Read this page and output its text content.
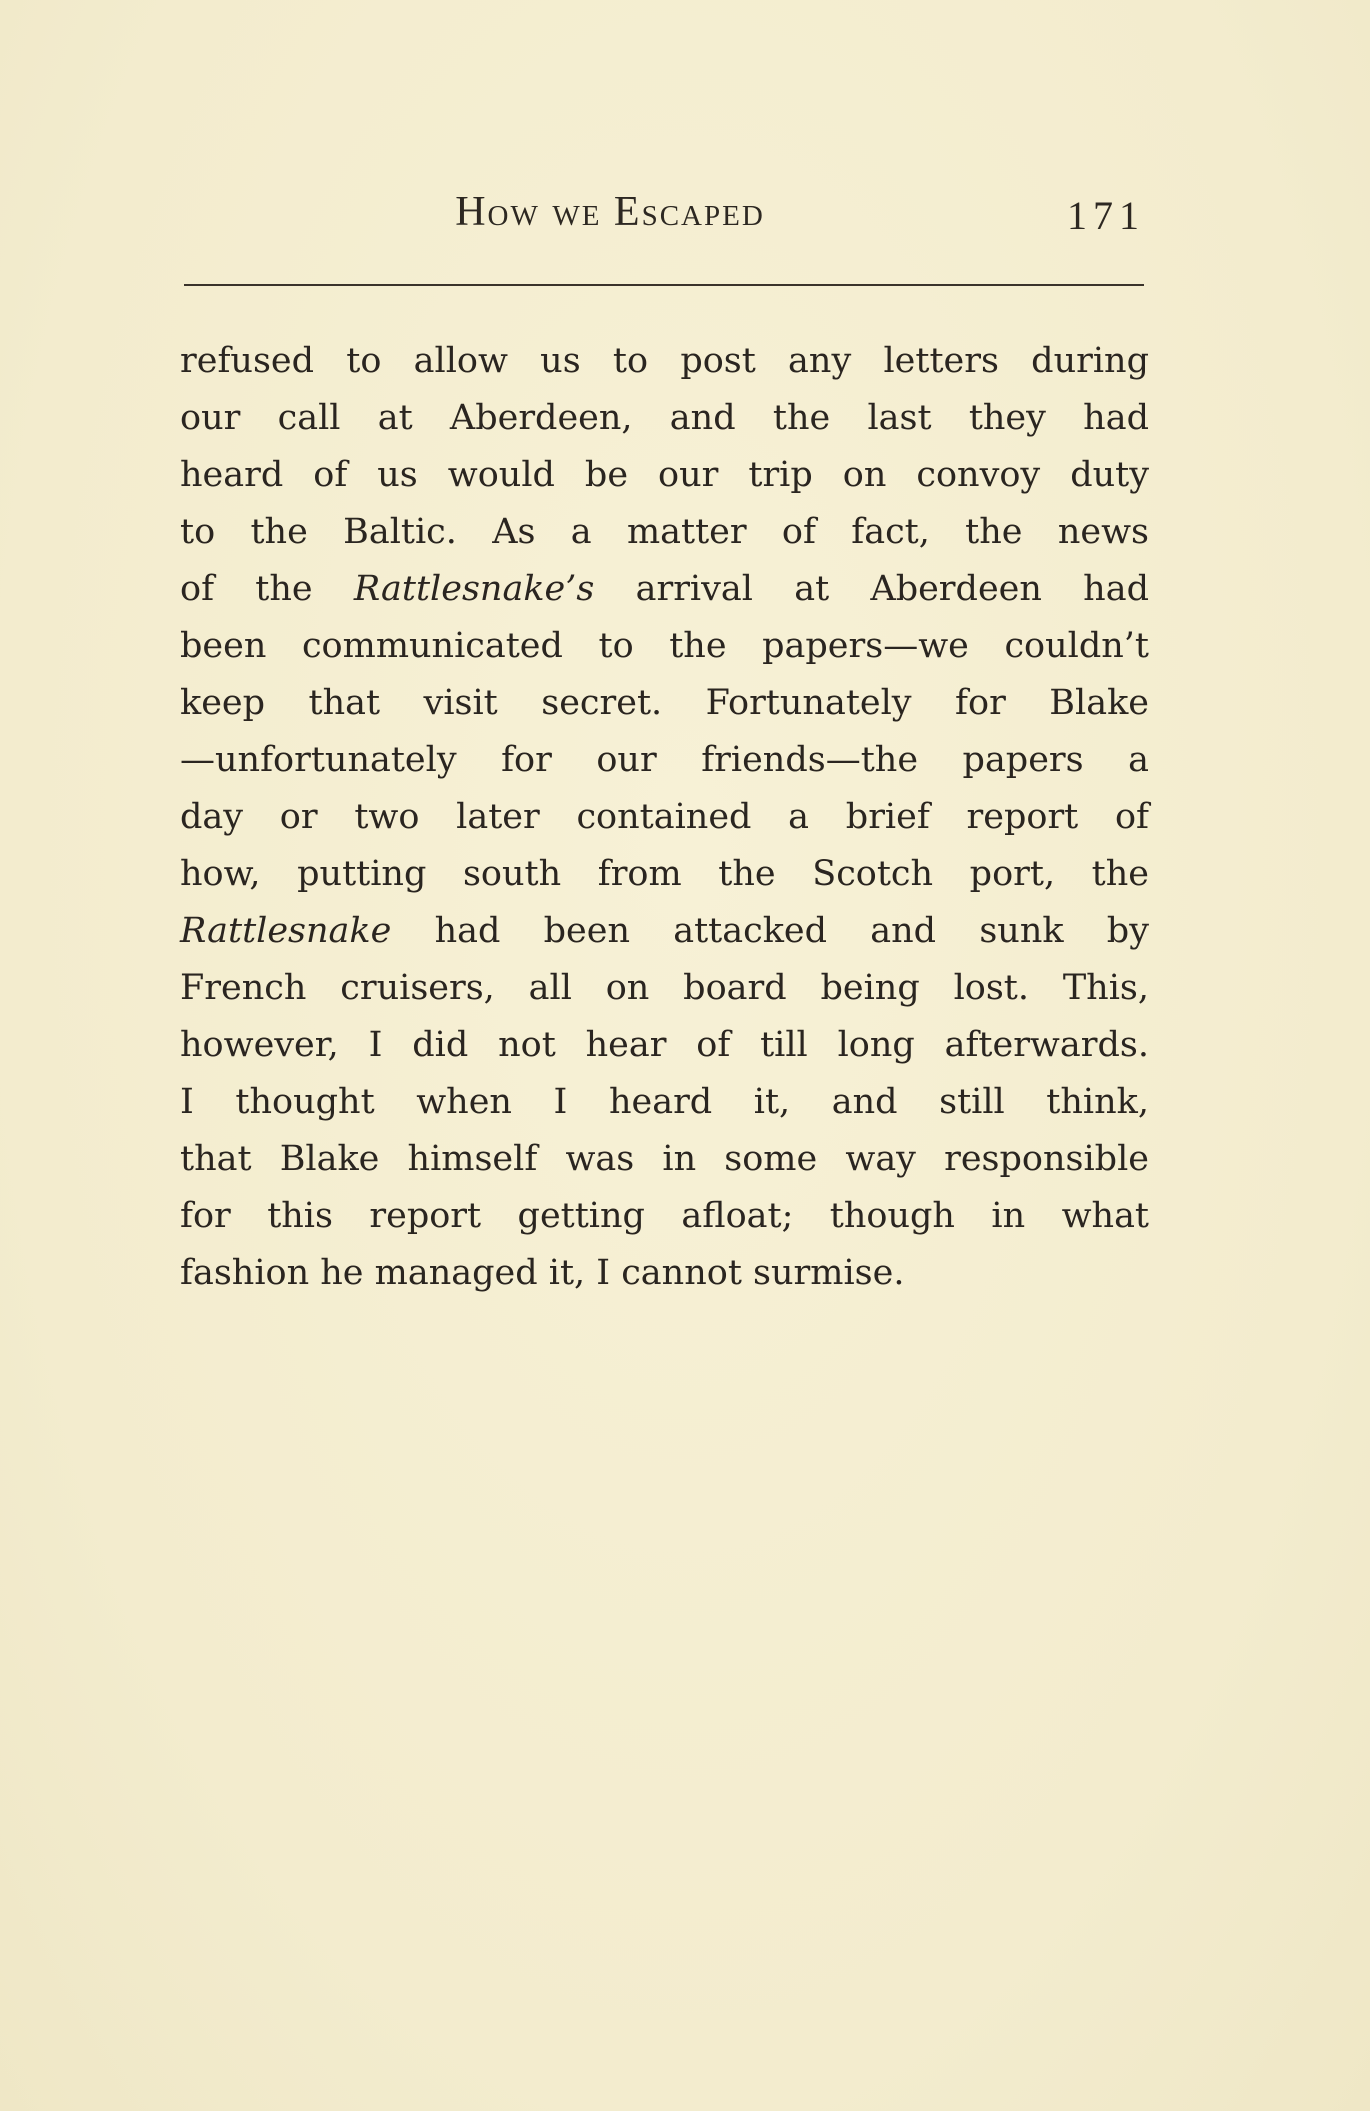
How we Escaped	171
refused to allow us to post any letters during
our call at Aberdeen, and the last they had
heard of us would be our trip on convoy duty
to the Baltic. As a matter of fact, the news
of the Rattlesnake’s arrival at Aberdeen had
been communicated to the papers—we couldn’t
keep that visit secret. Fortunately for Blake
—unfortunately for our friends—the papers a
day or two later contained a brief report of
how, putting south from the Scotch port, the
Rattlesnake had been attacked and sunk by
French cruisers, all on board being lost. This,
however, I did not hear of till long afterwards.
I thought when I heard it, and still think,
that Blake himself was in some way responsible
for this report getting afloat; though in what
fashion he managed it, I cannot surmise.
